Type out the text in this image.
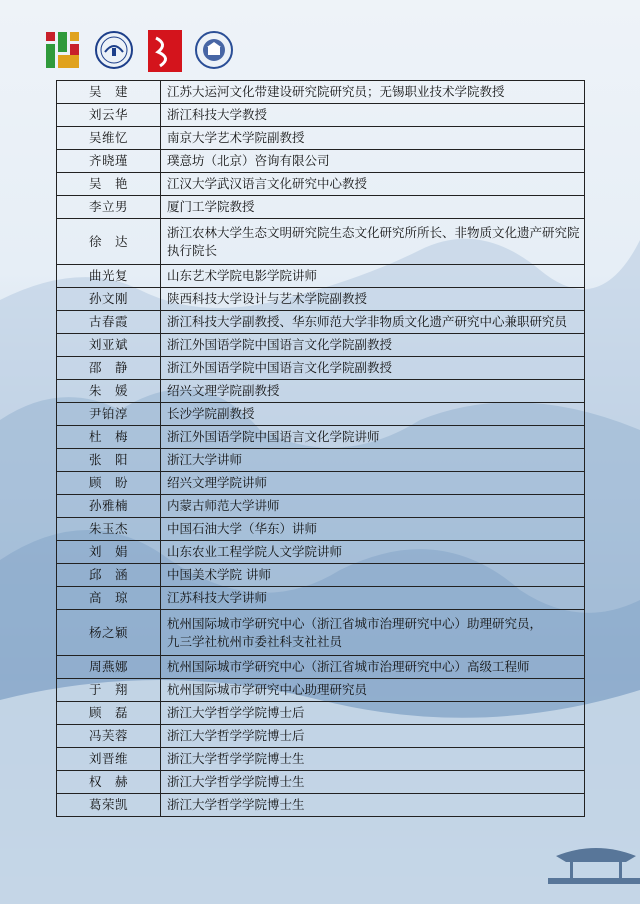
吴　建	江苏大运河文化带建设研究院研究员；无锡职业技术学院教授
刘云华	浙江科技大学教授
吴维忆	南京大学艺术学院副教授
齐晓瑾	璞意坊（北京）咨询有限公司
吴　艳	江汉大学武汉语言文化研究中心教授
李立男	厦门工学院教授
徐　达	浙江农林大学生态文明研究院生态文化研究所所长、非物质文化遗产研究院执行院长
曲光复	山东艺术学院电影学院讲师
孙文刚	陕西科技大学设计与艺术学院副教授
古春霞	浙江科技大学副教授、华东师范大学非物质文化遗产研究中心兼职研究员
刘亚斌	浙江外国语学院中国语言文化学院副教授
邵　静	浙江外国语学院中国语言文化学院副教授
朱　媛	绍兴文理学院副教授
尹铂淳	长沙学院副教授
杜　梅	浙江外国语学院中国语言文化学院讲师
张　阳	浙江大学讲师
顾　盼	绍兴文理学院讲师
孙雅楠	内蒙古师范大学讲师
朱玉杰	中国石油大学（华东）讲师
刘　娟	山东农业工程学院人文学院讲师
邱　涵	中国美术学院 讲师
高　琼	江苏科技大学讲师
杨之颖	杭州国际城市学研究中心（浙江省城市治理研究中心）助理研究员，
九三学社杭州市委社科支社社员

周燕娜	杭州国际城市学研究中心（浙江省城市治理研究中心）高级工程师
于　翔	杭州国际城市学研究中心助理研究员
顾　磊	浙江大学哲学学院博士后
冯芙蓉	浙江大学哲学学院博士后
刘晋维	浙江大学哲学学院博士生
权　赫	浙江大学哲学学院博士生
葛荣凯	浙江大学哲学学院博士生
